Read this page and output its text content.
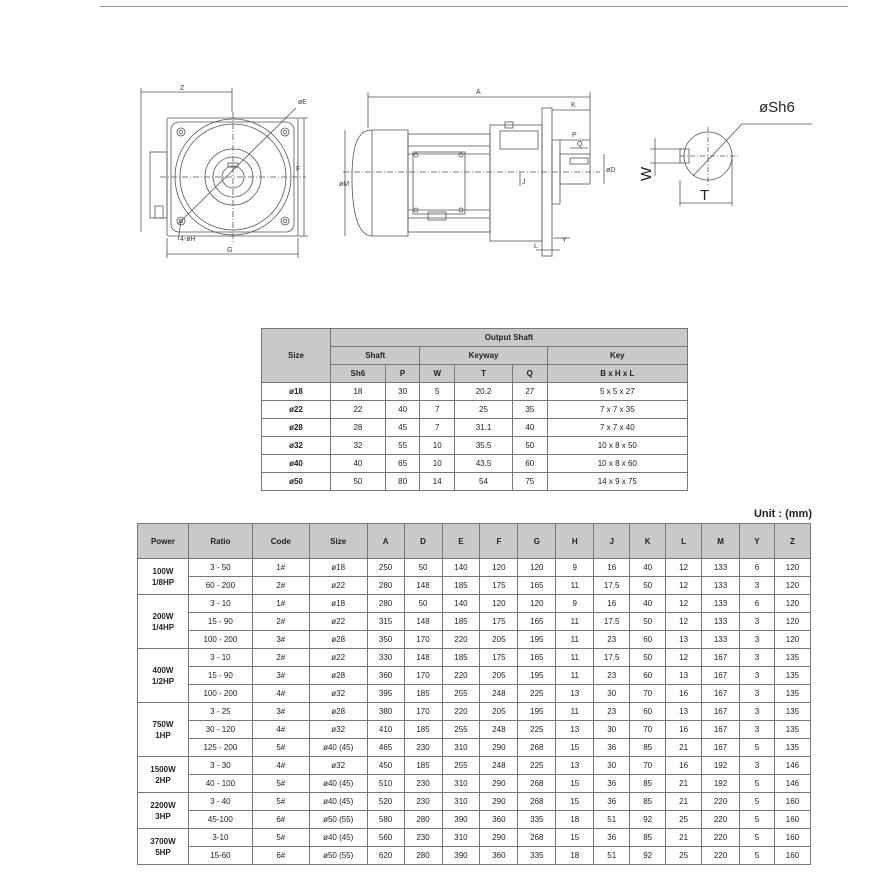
Z
øE
F
G
4-øH
A
K
P
Q
øD
øM	J
L
Y
øSh6
W
T
Size	Output Shaft					
	Shaft		Keyway			Key
	Sh6	P	W	T	Q	B x H x L
ø18	18	30	5	20.2	27	5 x 5 x 27
ø22	22	40	7	25	35	7 x 7 x 35
ø28	28	45	7	31.1	40	7 x 7 x 40
ø32	32	55	10	35.5	50	10 x 8 x 50
ø40	40	65	10	43.5	60	10 x 8 x 60
ø50	50	80	14	54	75	14 x 9 x 75
Unit : (mm)
Power	Ratio	Code	Size	A	D	E	F	G	H	J	K	L	M	Y	Z

100W
1/8HP	3 - 50	1#	ø18	250	50	140	120	120	9	16	40	12	133	6	120
	60 - 200	2#	ø22	280	148	185	175	165	11	17.5	50	12	133	3	120

200W
1/4HP	3 - 10	1#	ø18	280	50	140	120	120	9	16	40	12	133	6	120
	15 - 90	2#	ø22	315	148	185	175	165	11	17.5	50	12	133	3	120
	100 - 200	3#	ø28	350	170	220	205	195	11	23	60	13	133	3	120

400W
1/2HP	3 - 10	2#	ø22	330	148	185	175	165	11	17.5	50	12	167	3	135
	15 - 90	3#	ø28	360	170	220	205	195	11	23	60	13	167	3	135
	100 - 200	4#	ø32	395	185	255	248	225	13	30	70	16	167	3	135

750W
1HP	3 - 25	3#	ø28	380	170	220	205	195	11	23	60	13	167	3	135
	30 - 120	4#	ø32	410	185	255	248	225	13	30	70	16	167	3	135
	125 - 200	5#	ø40 (45)	465	230	310	290	268	15	36	85	21	167	5	135

1500W
2HP	3 - 30	4#	ø32	450	185	255	248	225	13	30	70	16	192	3	146
	40 - 100	5#	ø40 (45)	510	230	310	290	268	15	36	85	21	192	5	146

2200W
3HP	3 - 40	5#	ø40 (45)	520	230	310	290	268	15	36	85	21	220	5	160
	45-100	6#	ø50 (55)	580	280	390	360	335	18	51	92	25	220	5	160

3700W
5HP	3-10	5#	ø40 (45)	560	230	310	290	268	15	36	85	21	220	5	160
	15-60	6#	ø50 (55)	620	280	390	360	335	18	51	92	25	220	5	160
